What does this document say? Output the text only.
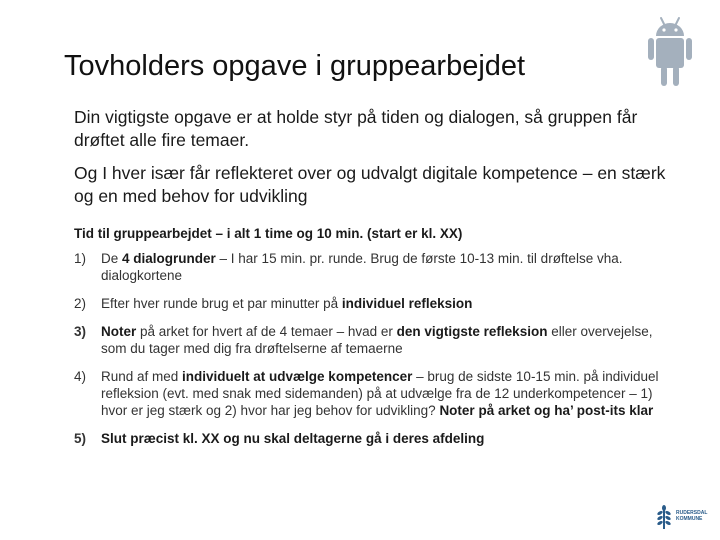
Tovholders opgave i gruppearbejdet

Din vigtigste opgave er at holde styr på tiden og dialogen, så gruppen får drøftet alle fire temaer.

Og I hver især får reflekteret over og udvalgt digitale kompetence – en stærk og en med behov for udvikling

Tid til gruppearbejdet – i alt 1 time og 10 min. (start er kl. XX)

1) De 4 dialogrunder – I har 15 min. pr. runde. Brug de første 10-13 min. til drøftelse vha. dialogkortene
2) Efter hver runde brug et par minutter på individuel refleksion
3) Noter på arket for hvert af de 4 temaer – hvad er den vigtigste refleksion eller overvejelse, som du tager med dig fra drøftelserne af temaerne
4) Rund af med individuelt at udvælge kompetencer – brug de sidste 10-15 min. på individuel refleksion (evt. med snak med sidemanden) på at udvælge fra de 12 underkompetencer – 1) hvor er jeg stærk og 2) hvor har jeg behov for udvikling? Noter på arket og ha’ post-its klar
5) Slut præcist kl. XX og nu skal deltagerne gå i deres afdeling
RUDERSDAL
KOMMUNE
